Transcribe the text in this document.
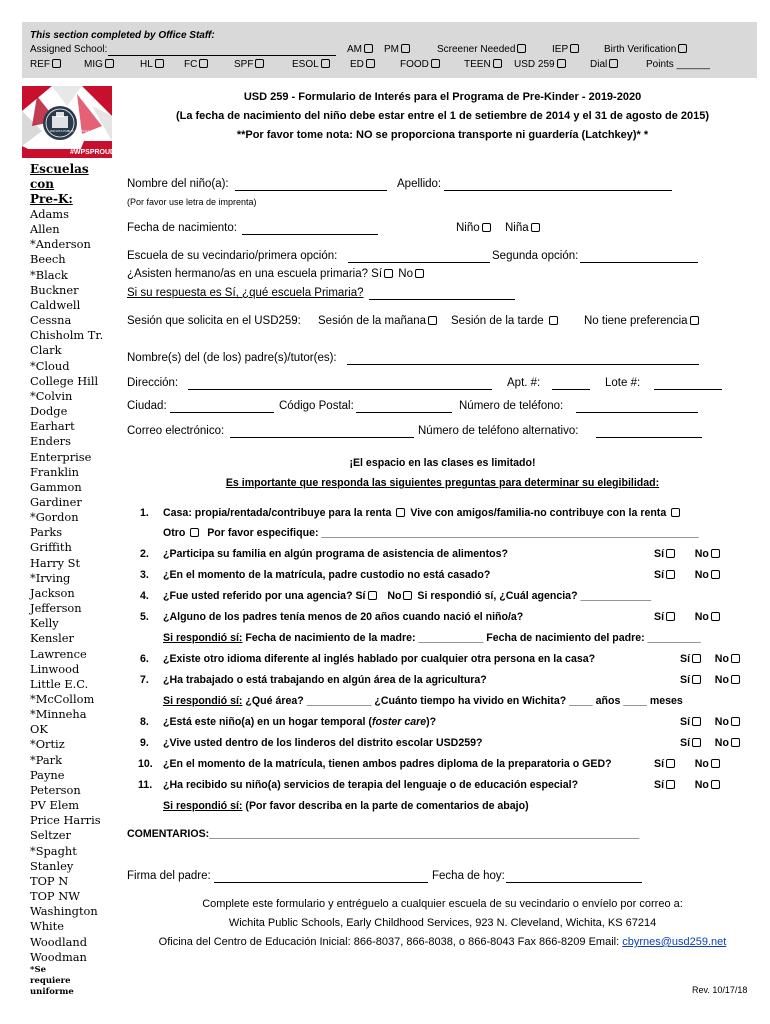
This section completed by Office Staff:
Assigned School:
REF	MIG	HL	FC	SPF	ESOL
AM	PM
ED	FOOD
Screener Needed
TEEN
IEP
USD 259
Birth Verification
Dial	Points ______
WICHITA PUBLIC SCHOOLS
#WPSPROUD
Escuelas con
Pre-K:
Adams
Allen
*Anderson
Beech
*Black
Buckner
Caldwell
Cessna
Chisholm Tr.
Clark
*Cloud
College Hill
*Colvin
Dodge
Earhart
Enders
Enterprise
Franklin
Gammon
Gardiner
*Gordon Parks
Griffith
Harry St
*Irving
Jackson
Jefferson
Kelly
Kensler
Lawrence
Linwood
Little E.C.
*McCollom
*Minneha
OK
*Ortiz
*Park
Payne
Peterson
PV Elem
Price Harris
Seltzer
*Spaght
Stanley
TOP N
TOP NW
Washington
White
Woodland
Woodman
*Se
requiere
uniforme
USD 259 - Formulario de Interés para el Programa de Pre-Kinder - 2019-2020
(La fecha de nacimiento del niño debe estar entre el 1 de setiembre de 2014 y el 31 de agosto de 2015)
**Por favor tome nota: NO se proporciona transporte ni guardería (Latchkey)* *
Nombre del niño(a):	Apellido:
(Por favor use letra de imprenta)
Fecha de nacimiento:	Niño	Niña
Escuela de su vecindario/primera opción:	Segunda opción:
¿Asisten hermano/as en una escuela primaria? Sí No
Si su respuesta es Sí, ¿qué escuela Primaria?
Sesión que solicita en el USD259: Sesión de la mañana	Sesión de la tarde	No tiene preferencia
Nombre(s) del (de los) padre(s)/tutor(es):
Dirección:	Apt. #:	Lote #:
Ciudad:	Código Postal:	Número de teléfono:
Correo electrónico:	Número de teléfono alternativo:
¡El espacio en las clases es limitado!
Es importante que responda las siguientes preguntas para determinar su elegibilidad:
1. Casa: propia/rentada/contribuye para la renta Vive con amigos/familia-no contribuye con la renta
Otro Por favor especifique: ________________________________________________________________
2. ¿Participa su familia en algún programa de asistencia de alimentos?	Sí	No
3. ¿En el momento de la matrícula, padre custodio no está casado?	Sí	No
4. ¿Fue usted referido por una agencia? Sí No Si respondió sí, ¿Cuál agencia? ____________
5. ¿Alguno de los padres tenía menos de 20 años cuando nació el niño/a?	Sí	No
Si respondió sí: Fecha de nacimiento de la madre: ___________ Fecha de nacimiento del padre: _________
6. ¿Existe otro idioma diferente al inglés hablado por cualquier otra persona en la casa?	Sí No
7. ¿Ha trabajado o está trabajando en algún área de la agricultura?	Sí No
Si respondió sí: ¿Qué área? ___________ ¿Cuánto tiempo ha vivido en Wichita? ____ años ____ meses
8. ¿Está este niño(a) en un hogar temporal (foster care)?	Sí No
9. ¿Vive usted dentro de los linderos del distrito escolar USD259?	Sí No
10. ¿En el momento de la matrícula, tienen ambos padres diploma de la preparatoria o GED?	Sí	No
11. ¿Ha recibido su niño(a) servicios de terapia del lenguaje o de educación especial?	Sí	No
Si respondió sí: (Por favor describa en la parte de comentarios de abajo)
COMENTARIOS:_________________________________________________________________________
Firma del padre:	Fecha de hoy:
Complete este formulario y entréguelo a cualquier escuela de su vecindario o envíelo por correo a:
Wichita Public Schools, Early Childhood Services, 923 N. Cleveland, Wichita, KS 67214
Oficina del Centro de Educación Inicial: 866-8037, 866-8038, o 866-8043 Fax 866-8209 Email: cbyrnes@usd259.net
Rev. 10/17/18
